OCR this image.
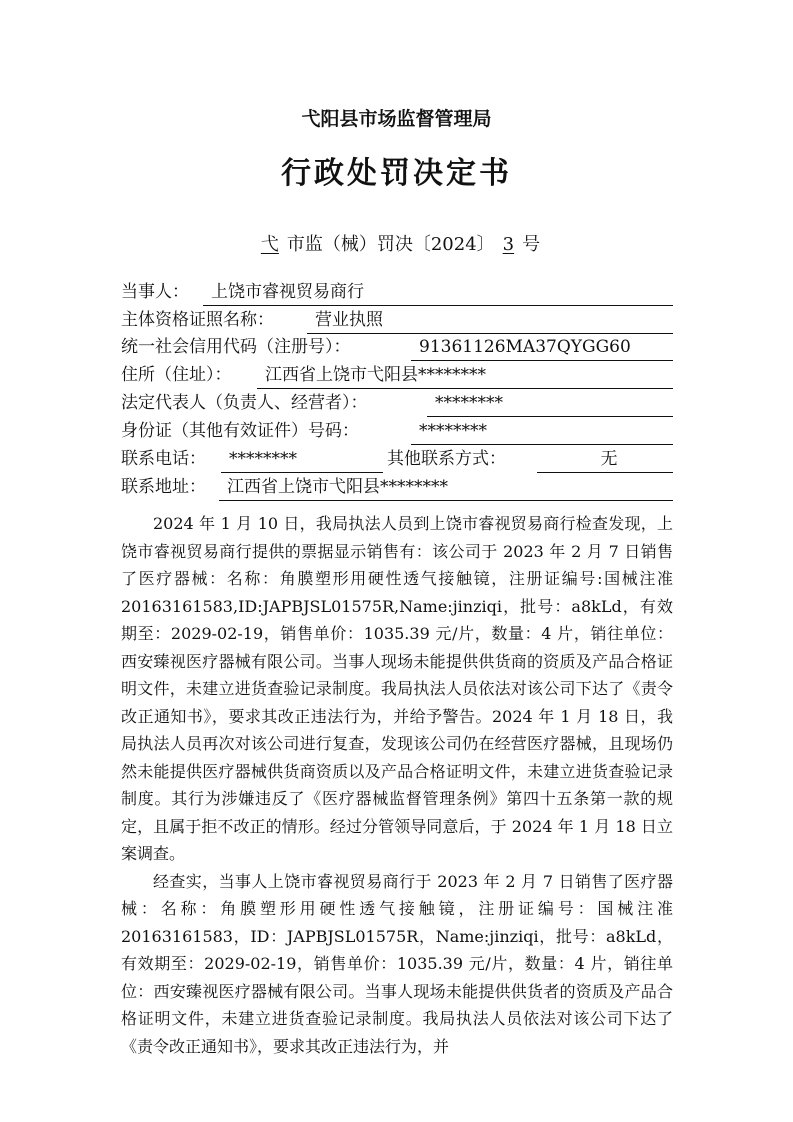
弋阳县市场监督管理局
行政处罚决定书
弋 市监（械）罚决〔2024〕 3 号
当事人：	上饶市睿视贸易商行
主体资格证照名称：	营业执照
统一社会信用代码（注册号）：	91361126MA37QYGG60
住所（住址）：	江西省上饶市弋阳县********
法定代表人（负责人、经营者）：	********
身份证（其他有效证件）号码：	********
联系电话：	********	其他联系方式：	无
联系地址：	江西省上饶市弋阳县********

2024 年 1 月 10 日，我局执法人员到上饶市睿视贸易商行检查发现，上饶市睿视贸易商行提供的票据显示销售有：该公司于 2023 年 2 月 7 日销售了医疗器械：名称：角膜塑形用硬性透气接触镜，注册证编号:国械注准20163161583,ID:JAPBJSL01575R,Name:jinziqi，批号：a8kLd，有效期至：2029-02-19，销售单价：1035.39 元/片，数量：4 片，销往单位：西安臻视医疗器械有限公司。当事人现场未能提供供货商的资质及产品合格证明文件，未建立进货查验记录制度。我局执法人员依法对该公司下达了《责令改正通知书》，要求其改正违法行为，并给予警告。2024 年 1 月 18 日，我局执法人员再次对该公司进行复查，发现该公司仍在经营医疗器械，且现场仍然未能提供医疗器械供货商资质以及产品合格证明文件，未建立进货查验记录制度。其行为涉嫌违反了《医疗器械监督管理条例》第四十五条第一款的规定，且属于拒不改正的情形。经过分管领导同意后，于 2024 年 1 月 18 日立案调查。

经查实，当事人上饶市睿视贸易商行于 2023 年 2 月 7 日销售了医疗器械：名称：角膜塑形用硬性透气接触镜，注册证编号：国械注准 20163161583，ID：JAPBJSL01575R，Name:jinziqi，批号：a8kLd，有效期至：2029-02-19，销售单价：1035.39 元/片，数量：4 片，销往单位：西安臻视医疗器械有限公司。当事人现场未能提供供货者的资质及产品合格证明文件，未建立进货查验记录制度。我局执法人员依法对该公司下达了《责令改正通知书》，要求其改正违法行为，并
